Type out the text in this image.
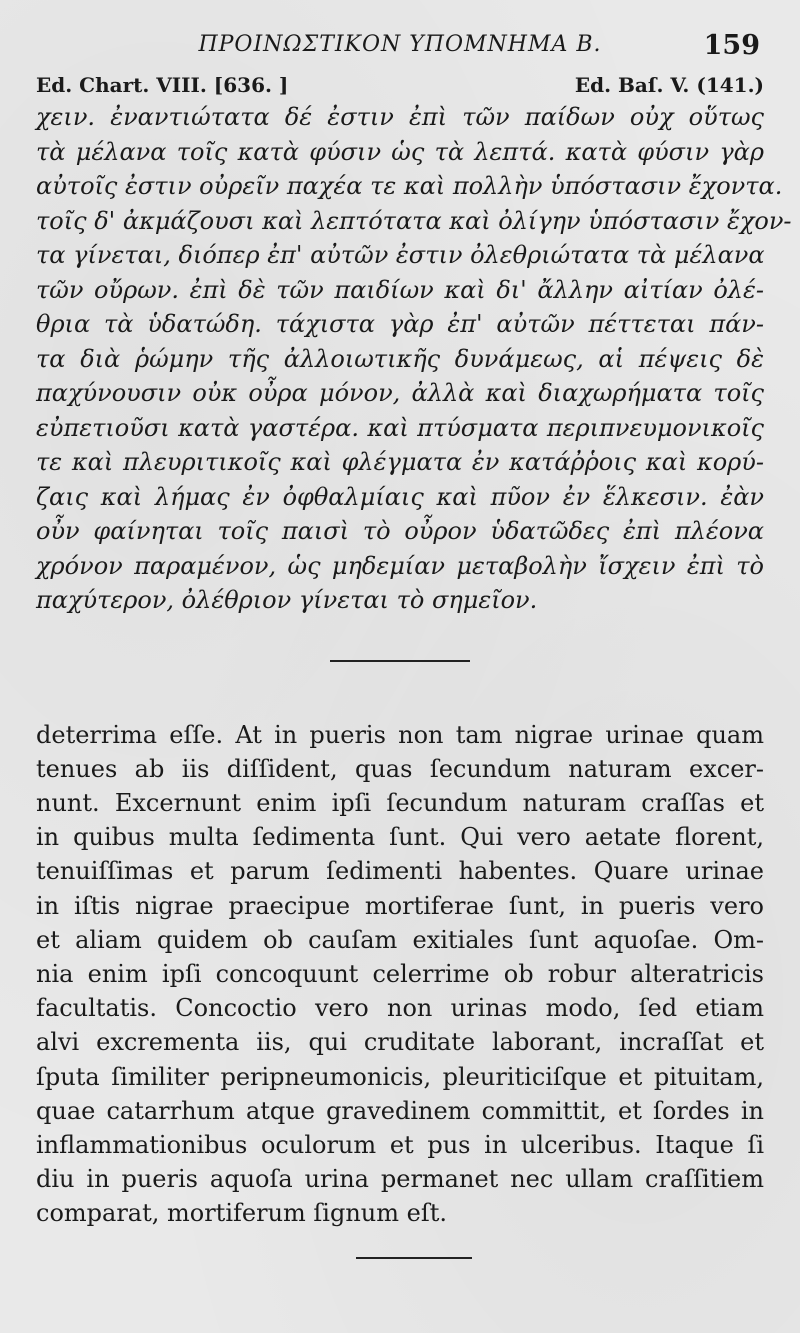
ΠΡΟΙΝΩΣΤΙΚΟΝ ΥΠΟΜΝΗΜΑ Β.	159
Ed. Chart. VIII. [636. ]	Ed. Baſ. V. (141.)
χειν. ἐναντιώτατα δέ ἐστιν ἐπὶ τῶν παίδων οὐχ οὕτως
τὰ μέλανα τοῖς κατὰ φύσιν ὡς τὰ λεπτά. κατὰ φύσιν γὰρ
αὐτοῖς ἐστιν οὐρεῖν παχέα τε καὶ πολλὴν ὑπόστασιν ἔχοντα.
τοῖς δ' ἀκμάζουσι καὶ λεπτότατα καὶ ὀλίγην ὑπόστασιν ἔχον-
τα γίνεται, διόπερ ἐπ' αὐτῶν ἐστιν ὀλεθριώτατα τὰ μέλανα
τῶν οὔρων. ἐπὶ δὲ τῶν παιδίων καὶ δι' ἄλλην αἰτίαν ὀλέ-
θρια τὰ ὑδατώδη. τάχιστα γὰρ ἐπ' αὐτῶν πέττεται πάν-
τα διὰ ῥώμην τῆς ἀλλοιωτικῆς δυνάμεως, αἱ πέψεις δὲ
παχύνουσιν οὐκ οὖρα μόνον, ἀλλὰ καὶ διαχωρήματα τοῖς
εὐπετιοῦσι κατὰ γαστέρα. καὶ πτύσματα περιπνευμονικοῖς
τε καὶ πλευριτικοῖς καὶ φλέγματα ἐν κατάῤῥοις καὶ κορύ-
ζαις καὶ λήμας ἐν ὀφθαλμίαις καὶ πῦον ἐν ἕλκεσιν. ἐὰν
οὖν φαίνηται τοῖς παισὶ τὸ οὖρον ὑδατῶδες ἐπὶ πλέονα
χρόνον παραμένον, ὡς μηδεμίαν μεταβολὴν ἴσχειν ἐπὶ τὸ
παχύτερον, ὀλέθριον γίνεται τὸ σημεῖον.
deterrima eſſe. At in pueris non tam nigrae urinae quam
tenues ab iis diſſident, quas ſecundum naturam excer-
nunt. Excernunt enim ipſi ſecundum naturam craſſas et
in quibus multa ſedimenta ſunt. Qui vero aetate florent,
tenuiſſimas et parum ſedimenti habentes. Quare urinae
in iſtis nigrae praecipue mortiferae ſunt, in pueris vero
et aliam quidem ob cauſam exitiales ſunt aquoſae. Om-
nia enim ipſi concoquunt celerrime ob robur alteratricis
facultatis. Concoctio vero non urinas modo, ſed etiam
alvi excrementa iis, qui cruditate laborant, incraſſat et
ſputa ſimiliter peripneumonicis, pleuriticiſque et pituitam,
quae catarrhum atque gravedinem committit, et ſordes in
inflammationibus oculorum et pus in ulceribus. Itaque ſi
diu in pueris aquoſa urina permanet nec ullam craſſitiem
comparat, mortiferum ſignum eſt.
